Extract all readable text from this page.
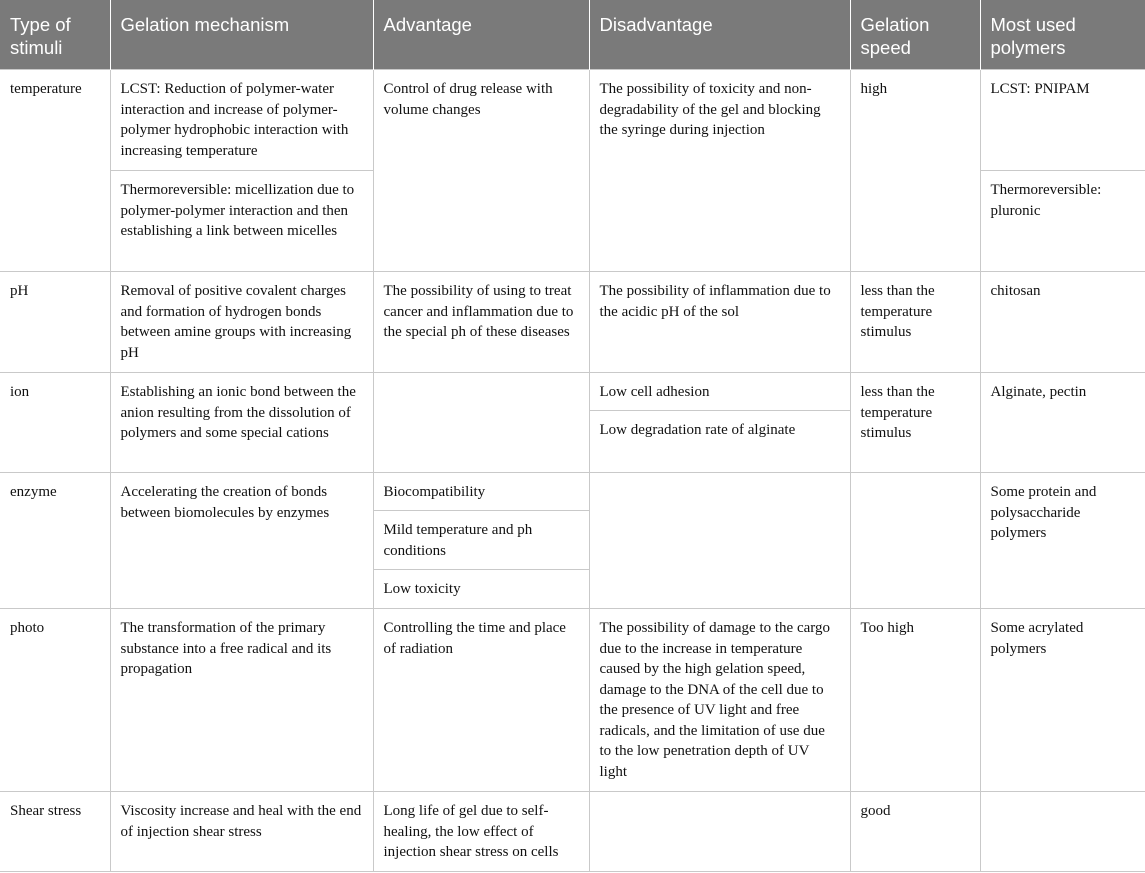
Type of stimuli	Gelation mechanism	Advantage	Disadvantage	Gelation speed	Most used polymers
temperature	LCST: Reduction of polymer-water interaction and increase of polymer-polymer hydrophobic interaction with increasing temperature	Control of drug release with volume changes	The possibility of toxicity and non-degradability of the gel and blocking the syringe during injection	high	LCST: PNIPAM
	Thermoreversible: micellization due to polymer-polymer interaction and then establishing a link between micelles				Thermoreversible: pluronic
pH	Removal of positive covalent charges and formation of hydrogen bonds between amine groups with increasing pH	The possibility of using to treat cancer and inflammation due to the special ph of these diseases	The possibility of inflammation due to the acidic pH of the sol	less than the temperature stimulus	chitosan
ion	Establishing an ionic bond between the anion resulting from the dissolution of polymers and some special cations		Low cell adhesion	less than the temperature stimulus	Alginate, pectin
			Low degradation rate of alginate		
enzyme	Accelerating the creation of bonds between biomolecules by enzymes	Biocompatibility			Some protein and polysaccharide polymers
		Mild temperature and ph conditions			
		Low toxicity			
photo	The transformation of the primary substance into a free radical and its propagation	Controlling the time and place of radiation	The possibility of damage to the cargo due to the increase in temperature caused by the high gelation speed, damage to the DNA of the cell due to the presence of UV light and free radicals, and the limitation of use due to the low penetration depth of UV light	Too high	Some acrylated polymers
Shear stress	Viscosity increase and heal with the end of injection shear stress	Long life of gel due to self-healing, the low effect of injection shear stress on cells		good	
